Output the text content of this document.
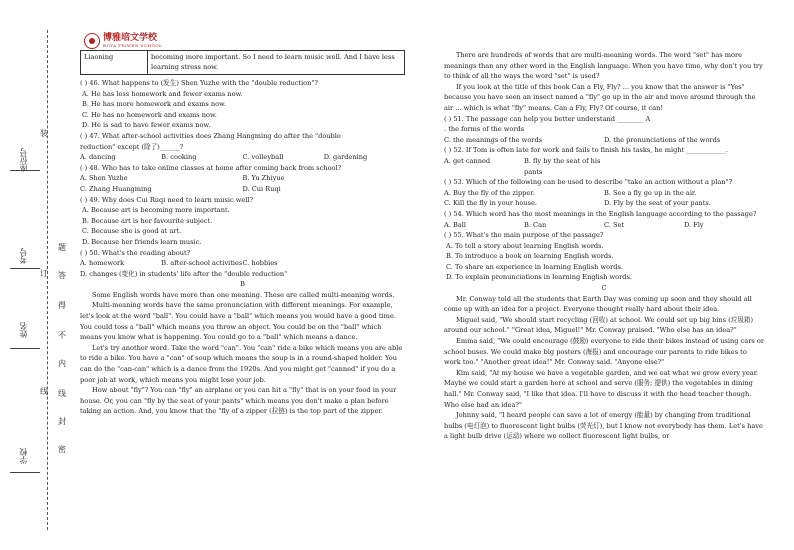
学校
姓名
考号
座位号
装
订
线
密
封
线
内
不
得
答
题
博雅培文学校
BOYA PEIWEN SCHOOL
Liaoning	becoming more important. So I need to learn music well. And I have less learning stress now.

( ) 46. What happens to (发生) Shen Yuzhe with the "double reduction"?

A. He has less homework and fewer exams now.

B. He has more homework and exams now.

C. He has no homework and exams now.

D. He is sad to have fewer exams now.

( ) 47. What after-school activities does Zhang Hangming do after the "double

reduction" except (除了)______?

A. dancing	B. cooking	C. volleyball	D. gardening

( ) 48. Who has to take online classes at home after coming back from school?

A. Shen Yuzhe	B. Yu Zhiyue
C. Zhang Huangming	D. Cui Ruqi

( ) 49. Why does Cui Ruqi need to learn music well?

A. Because art is becoming more important.

B. Because art is her favourite subject.

C. Because she is good at art.

D. Because her friends learn music.

( ) 50. What's the reading about?

A. homework	B. after-school activities C. hobbies

D. changes (变化) in students' life after the "double reduction"

B

Some English words have more than one meaning. These are called multi-meaning words.

Multi-meaning words have the same pronunciation with different meanings. For example, let's look at the word "ball". You could have a "ball" which means you would have a good time. You could toss a "ball" which means you throw an object. You could be on the "ball" which means you know what is happening. You could go to a "ball" which means a dance.

Let's try another word. Take the word "can". You "can" ride a bike which means you are able to ride a bike. You have a "can" of soup which means the soup is in a round-shaped holder. You can do the "can-can" which is a dance from the 1920s. And you might get "canned" if you do a poor job at work, which means you might lose your job.

How about "fly"? You can "fly" an airplane or you can hit a "fly" that is on your food in your house. Or, you can "fly by the seat of your pants" which means you don't make a plan before taking an action. And, you know that the "fly of a zipper (拉链) is the top part of the zipper.

There are hundreds of words that are multi-meaning words. The word "set" has more meanings than any other word in the English language. When you have time, why don't you try to think of all the ways the word "set" is used?

If you look at the title of this book Can a Fly, Fly? ... you know that the answer is "Yes" because you have seen an insect named a "fly" go up in the air and move around through the air ... which is what "fly" means. Can a Fly, Fly? Of course, it can!

( ) 51. The passage can help you better understand ________ A

. the forms of the words

C. the meanings of the words	D. the pronunciations of the words

( ) 52. If Tom is often late for work and fails to finish his tasks, he might ____________.

A. get canned	B. fly by the seat of his pants

( ) 53. Which of the following can be used to describe "take an action without a plan"?

A. Buy the fly of the zipper.	B. See a fly go up in the air.
C. Kill the fly in your house.	D. Fly by the seat of your pants.

( ) 54. Which word has the most meanings in the English language according to the passage?

A. Ball	B. Can	C. Set	D. Fly

( ) 55. What's the main purpose of the passage?

A. To tell a story about learning English words.

B. To introduce a book on learning English words.

C. To share an experience in learning English words.

D. To explain pronunciations in learning English words.

C

Mr. Conway told all the students that Earth Day was coming up soon and they should all come up with an idea for a project. Everyone thought really hard about their idea.

Miguel said, "We should start recycling (回收) at school. We could set up big bins (垃圾箱) around our school." "Great idea, Miguel!" Mr. Conway praised. "Who else has an idea?"

Emma said, "We could encourage (鼓励) everyone to ride their bikes instead of using cars or school buses. We could make big posters (海报) and encourage our parents to ride bikes to work too." "Another great idea!" Mr. Conway said. "Anyone else?"

Kim said, "At my house we have a vegetable garden, and we eat what we grow every year. Maybe we could start a garden here at school and serve (服务; 提供) the vegetables in dining hall." Mr. Conway said, "I like that idea. I'll have to discuss it with the head teacher though. Who else had an idea?"

Johnny said, "I heard people can save a lot of energy (能量) by changing from traditional bulbs (电灯泡) to fluorescent light bulbs (荧光灯), but I know not everybody has them. Let's have a light bulb drive (运动) where we collect fluorescent light bulbs, or
